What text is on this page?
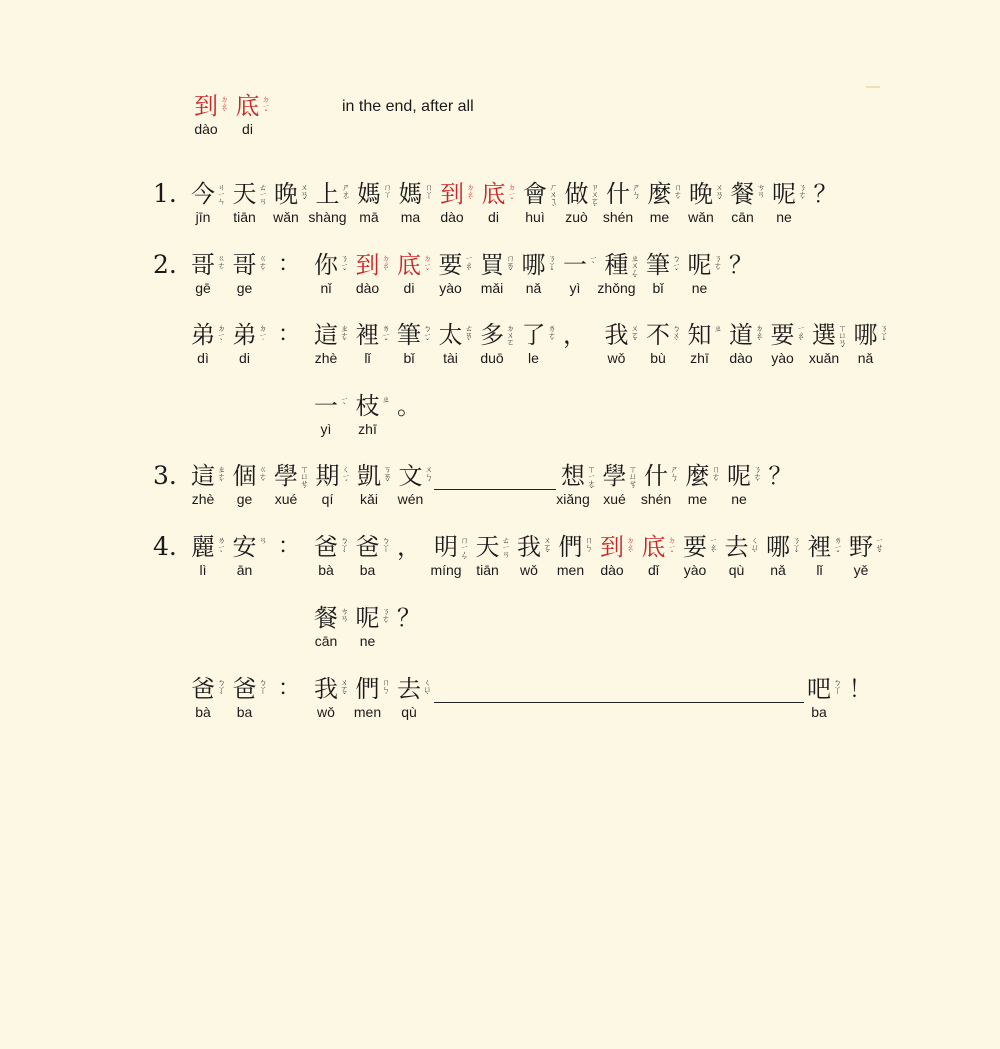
到 ㄉ
ㄠ
ˋ
dào
底 ㄉ
ㄧ
ˇ
di
in the end, after all
1. 今 ㄐ
ㄧ
ㄣ
jīn
天 ㄊ
ㄧ
ㄢ
tiān
晚 ㄨ
ㄢ
ˇ
wǎn
上 ㄕ
ㄤ
ˋ
shàng
媽 ㄇ
ㄚ
mā
媽 ㄇ
ㄚ
˙
ma
到 ㄉ
ㄠ
ˋ
dào
底 ㄉ
ㄧ
ˇ
di
會 ㄏ
ㄨ
ㄟ
ˋ
huì
做 ㄗ
ㄨ
ㄛ
ˋ
zuò
什 ㄕ
ㄣ
ˊ
shén
麼 ㄇ
ㄜ
˙
me
晚 ㄨ
ㄢ
ˇ
wǎn
餐 ㄘ
ㄢ
cān
呢 ㄋ
ㄜ
˙
ne
？
2.	：
哥 ㄍ
ㄜ
gē
哥 ㄍ
ㄜ
˙
ge
你 ㄋ
ㄧ
ˇ
nǐ
到 ㄉ
ㄠ
ˋ
dào
底 ㄉ
ㄧ
ˇ
di
要 ㄧ
ㄠ
ˋ
yào
買 ㄇ
ㄞ
ˇ
mǎi
哪 ㄋ
ㄚ
ˇ
nǎ
一 ㄧ
ˋ
yì
種 ㄓ
ㄨ
ㄥ
ˇ
zhǒng
筆 ㄅ
ㄧ
ˇ
bǐ
呢 ㄋ
ㄜ
˙
ne
？
：
弟 ㄉ
ㄧ
ˋ
dì
弟 ㄉ
ㄧ
˙
di
這 ㄓ
ㄜ
ˋ
zhè
裡 ㄌ
ㄧ
ˇ
lǐ
筆 ㄅ
ㄧ
ˇ
bǐ
太 ㄊ
ㄞ
ˋ
tài
多 ㄉ
ㄨ
ㄛ
duō
了 ㄌ
ㄜ
˙
le
， 我 ㄨ
ㄛ
ˇ
wǒ
不 ㄅ
ㄨ
ˋ
bù
知 ㄓ
zhī
道 ㄉ
ㄠ
ˋ
dào
要 ㄧ
ㄠ
ˋ
yào
選 ㄒ
ㄩ
ㄢ
ˇ
xuǎn
哪 ㄋ
ㄚ
ˇ
nǎ
一 ㄧ
ˋ
yì
枝 ㄓ
zhī
。
3. 這 ㄓ
ㄜ
ˋ
zhè
個 ㄍ
ㄜ
˙
ge
學 ㄒ
ㄩ
ㄝ
ˊ
xué
期 ㄑ
ㄧ
ˊ
qí
凱 ㄎ
ㄞ
ˇ
kǎi
文 ㄨ
ㄣ
ˊ
wén
想 ㄒ
ㄧ
ㄤ
ˇ
xiǎng
學 ㄒ
ㄩ
ㄝ
ˊ
xué
什 ㄕ
ㄣ
ˊ
shén
麼 ㄇ
ㄜ
˙
me
呢 ㄋ
ㄜ
˙
ne
？
4.	：
麗 ㄌ
ㄧ
ˋ
lì
安 ㄢ
ān
爸 ㄅ
ㄚ
ˋ
bà
爸 ㄅ
ㄚ
˙
ba
， 明 ㄇ
ㄧ
ㄥ
ˊ
míng
天 ㄊ
ㄧ
ㄢ
tiān
我 ㄨ
ㄛ
ˇ
wǒ
們 ㄇ
ㄣ
˙
men
到 ㄉ
ㄠ
ˋ
dào
底 ㄉ
ㄧ
ˇ
dǐ
要 ㄧ
ㄠ
ˋ
yào
去 ㄑ
ㄩ
ˋ
qù
哪 ㄋ
ㄚ
ˇ
nǎ
裡 ㄌ
ㄧ
ˇ
lǐ
野 ㄧ
ㄝ
ˇ
yě
餐 ㄘ
ㄢ
cān
呢 ㄋ
ㄜ
˙
ne
？
：
爸 ㄅ
ㄚ
ˋ
bà
爸 ㄅ
ㄚ
˙
ba
我 ㄨ
ㄛ
ˇ
wǒ
們 ㄇ
ㄣ
˙
men
去 ㄑ
ㄩ
ˋ
qù
吧 ㄅ
ㄚ
˙
ba
！
